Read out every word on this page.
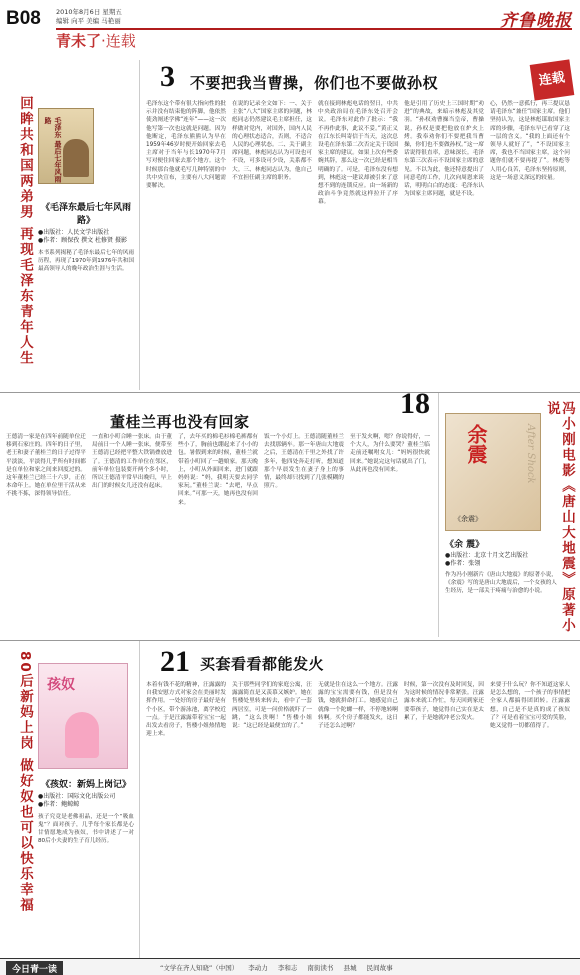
B08 2010年8月6日 星期五
编辑 向平 美编 马艳丽	齐鲁晚报
青未了·连载
回眸共和国两弟男 再现毛泽东青年人生	毛泽东 最后七年风雨路
《毛泽东最后七年风雨路》
●出版社：人民文学出版社
●作者：顾保孜 撰文 杜修贤 摄影
本书系列揭秘了毛泽东最后七年的风雨历程，再现了1970年到1976年共和国最高领导人的晚年政治生涯与生活。
3 不要把我当曹操，你们也不要做孙权	连载
毛泽东这个带有很大指向性的批示并没有结束他的阵脚，他依然使劲阐述学佛“连年”——这一次他写第一次也这就是问题。因为他断定，毛泽东熊熊认为早在1959年46岁时便开始回家去毛主席对于当年与长1970年7月写对便住回家去那个地方。这个时候那台他就毛写几种特别的中共中央宣布，主要有八大问题需要解决。
在说的记录全文如下：一、关于主张“八大”国家主席的问题，林彪同志仍然建议毛主席担任，这样做对党内，对国外，国内人民的心理状态适合，否则，不适合人民的心理状态。二、关于副主席问题，林彪同志认为可设也可不设，可多设可少设，关系都不大。三、林彪同志认为，他自己不宜担任副主席的职务。
就在接到林彪电话的翌日，中共中央政治局在毛泽东处召开会议。毛泽东对此作了批示：“我不再作此事，此议不妥。”黄正义在江东长叫寄信于当天，这次总设毛在泽东第二次否定关于设国家主席的建议。如果上次有些委婉其辞，那么这一次已经是相当明确的了。可是，毛泽东没有想到，林彪这一建议却被引来了意想不到的连锁反应。由一场新的政治斗争竟然就这样拉开了序幕。
他是引用了历史上三国时期“劝进”的典故，来暗示林彪及其党羽。“孙权劝曹操当皇帝，曹操说，孙权是要把他放在炉火上烤。我奉劝你们不要把我当曹操，你们也不要做孙权。”这一席话说得很直率，意味深长。毛泽东第三次表示不设国家主席的意见。不以为此，他还特意提出了同意毛的工作，几次向周恩来谈话，明明白白的态度：毛泽东认为国家主席问题，就是不设。
心，仍然一意孤行，再三提议恳请毛泽东“兼任”国家主席。他们坚持认为，这是林彪谋取国家主席的步骤，毛泽东早已看穿了这一层的含义。“我的上面还有个领导人就好了”，“不设国家主席，我也不当国家主席，这个问题你们就不要再提了”。林彪等人用心良苦，毛泽东坚持原则，这是一场意义深远的较量。
董桂兰再也没有回家
18
王德清一家是在四年前随单位迁移到石家庄的。四年的日子里，老王和妻子董桂兰的日子过得平平淡淡，平淡得几乎所有时间都是在单位和家之间来回度过的。这年董桂兰已经三十六岁，正在本命年上。她在单位里干活从来不挑不拣，深得领导信任。
一直和小町合睡一张床。由于董局前日一个人睡一张床，便带至王德清已经把平整大铁锅叠放进了。王德清的工作单位在邻区，前年单位包装要开两个多小时，所以王德清平常早出晚归，早上出门的时候女儿还没有起床。
了，去年买的棉毛衫棉毛裤都有些小了，胸前也绷起来了小小的包。暑假到来的时候，董桂兰就带着小町回了一趟娘家。那天晚上，小町从外面回来，进门就跟妈妈说：“妈，我明天要去同学家玩。”董桂兰说：“去吧，早点回来。”可那一天，她再也没有回来。
饭一个小灯上。王德清随董桂兰去找那辆车。那一年唐山大地震之后，王德清在千里之外找了许多年，他四处奔走打听，想知道那个早晨发生在妻子身上的事情，最终却只找到了几张模糊的照片。
至于发火啊，嗯？你说得好，一个大人，为什么要哭？董桂兰临走前还嘱咐女儿：“妈妈很快就回来。”她说完这句话就出了门，从此再也没有回来。	冯小刚电影《唐山大地震》原著小说
余震	After Shock
《余震》
《余 震》
●出版社：北京十月文艺出版社
●作者：张翎
作为冯小刚新片《唐山大地震》的原著小说，《余震》写的是唐山大地震后，一个女孩的人生经历，是一部关于疼痛与治愈的小说。
80后新妈上岗 做好奴也可以快乐幸福 孩奴
《孩奴：新妈上岗记》
●出版社：国际文化出版公司
●作者：鲍鲸鲸
孩子究竟是老佛祖晶，还是一个“吸血鬼”？面对孩子，几乎每个家长都是心甘情愿地成为孩奴，书中讲述了一对80后小夫妻的生子育儿经历。
21 买套看看都能发火
本着有钱不花的精神，汪露露的自我安慰方式对家会在美丽时发挥作用。一处好的房子最好是有个小区，带个游泳池，离学校近一点。于是汪露露带着宝宝一起出发去看房子，售楼小姐热情地迎上来。
关于那些同学们的家庭公寓，汪露露简直是又羡慕又嫉妒。她在售楼处里转来转去，看中了一套两居室，可是一问价格就吓了一跳，“这么贵啊！”售楼小姐说：“这已经是最便宜的了。”
无就是住在这么一个地方。汪露露的宝宝需要有钱，但是没有钱，她就拼命打工。她感觉自己就像一个陀螺一样，不停地转啊转啊。买个房子都能发火，这日子还怎么过啊？
时候，第一次没有及时回复，因为这时候的情况非常紧张。汪露露本来就工作忙，每天回到家还要带孩子，她觉得自己实在是太累了，于是她就冲老公发火。
来要于什么玩？你不知道这家人是怎么想的，一个孩子的事情把全家人都搞得团团转。汪露露想，自己是不是真的成了孩奴了？可是看着宝宝可爱的笑脸，她又觉得一切都值得了。
今日青一读	“文学在齐人知晓”（中国） 李动力 李和志 南街读书 县城 民间故事
